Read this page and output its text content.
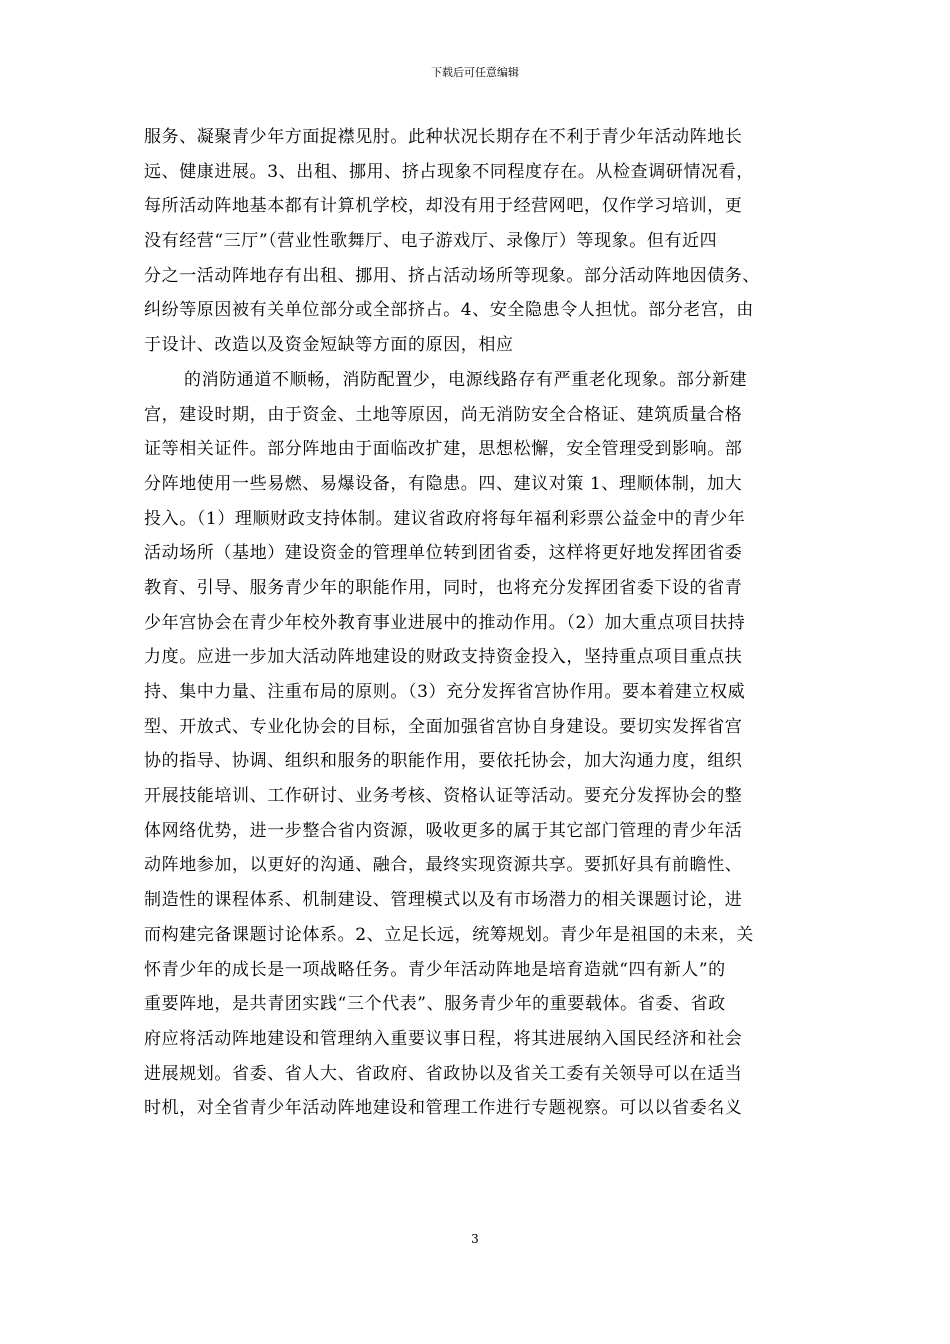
下载后可任意编辑
服务、凝聚青少年方面捉襟见肘。此种状况长期存在不利于青少年活动阵地长
远、健康进展。3、出租、挪用、挤占现象不同程度存在。从检查调研情况看，
每所活动阵地基本都有计算机学校，却没有用于经营网吧，仅作学习培训，更
没有经营“三厅”（营业性歌舞厅、电子游戏厅、录像厅）等现象。但有近四
分之一活动阵地存有出租、挪用、挤占活动场所等现象。部分活动阵地因债务、
纠纷等原因被有关单位部分或全部挤占。4、安全隐患令人担忧。部分老宫，由
于设计、改造以及资金短缺等方面的原因，相应
的消防通道不顺畅，消防配置少，电源线路存有严重老化现象。部分新建
宫，建设时期，由于资金、土地等原因，尚无消防安全合格证、建筑质量合格
证等相关证件。部分阵地由于面临改扩建，思想松懈，安全管理受到影响。部
分阵地使用一些易燃、易爆设备，有隐患。四、建议对策 1、理顺体制，加大
投入。（1）理顺财政支持体制。建议省政府将每年福利彩票公益金中的青少年
活动场所（基地）建设资金的管理单位转到团省委，这样将更好地发挥团省委
教育、引导、服务青少年的职能作用，同时，也将充分发挥团省委下设的省青
少年宫协会在青少年校外教育事业进展中的推动作用。（2）加大重点项目扶持
力度。应进一步加大活动阵地建设的财政支持资金投入，坚持重点项目重点扶
持、集中力量、注重布局的原则。（3）充分发挥省宫协作用。要本着建立权威
型、开放式、专业化协会的目标，全面加强省宫协自身建设。要切实发挥省宫
协的指导、协调、组织和服务的职能作用，要依托协会，加大沟通力度，组织
开展技能培训、工作研讨、业务考核、资格认证等活动。要充分发挥协会的整
体网络优势，进一步整合省内资源，吸收更多的属于其它部门管理的青少年活
动阵地参加，以更好的沟通、融合，最终实现资源共享。要抓好具有前瞻性、
制造性的课程体系、机制建设、管理模式以及有市场潜力的相关课题讨论，进
而构建完备课题讨论体系。2、立足长远，统筹规划。青少年是祖国的未来，关
怀青少年的成长是一项战略任务。青少年活动阵地是培育造就“四有新人”的
重要阵地，是共青团实践“三个代表”、服务青少年的重要载体。省委、省政
府应将活动阵地建设和管理纳入重要议事日程，将其进展纳入国民经济和社会
进展规划。省委、省人大、省政府、省政协以及省关工委有关领导可以在适当
时机，对全省青少年活动阵地建设和管理工作进行专题视察。可以以省委名义
3
